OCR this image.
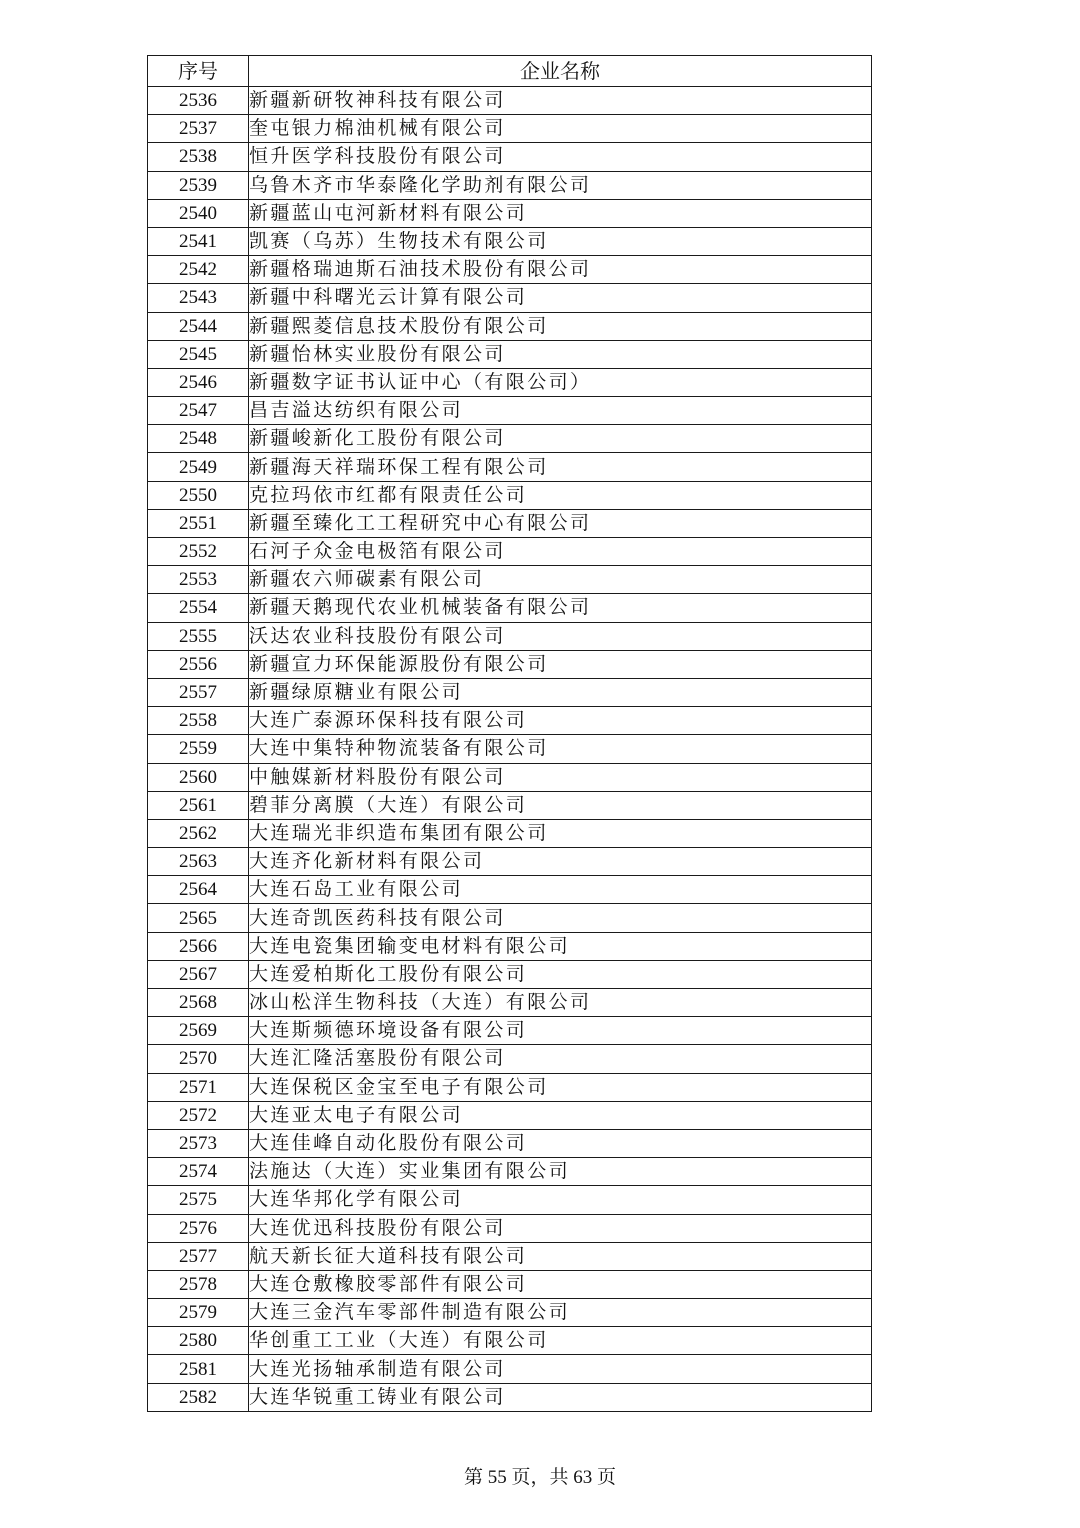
序号	企业名称
2536	新疆新研牧神科技有限公司
2537	奎屯银力棉油机械有限公司
2538	恒升医学科技股份有限公司
2539	乌鲁木齐市华泰隆化学助剂有限公司
2540	新疆蓝山屯河新材料有限公司
2541	凯赛（乌苏）生物技术有限公司
2542	新疆格瑞迪斯石油技术股份有限公司
2543	新疆中科曙光云计算有限公司
2544	新疆熙菱信息技术股份有限公司
2545	新疆怡林实业股份有限公司
2546	新疆数字证书认证中心（有限公司）
2547	昌吉溢达纺织有限公司
2548	新疆峻新化工股份有限公司
2549	新疆海天祥瑞环保工程有限公司
2550	克拉玛依市红都有限责任公司
2551	新疆至臻化工工程研究中心有限公司
2552	石河子众金电极箔有限公司
2553	新疆农六师碳素有限公司
2554	新疆天鹅现代农业机械装备有限公司
2555	沃达农业科技股份有限公司
2556	新疆宣力环保能源股份有限公司
2557	新疆绿原糖业有限公司
2558	大连广泰源环保科技有限公司
2559	大连中集特种物流装备有限公司
2560	中触媒新材料股份有限公司
2561	碧菲分离膜（大连）有限公司
2562	大连瑞光非织造布集团有限公司
2563	大连齐化新材料有限公司
2564	大连石岛工业有限公司
2565	大连奇凯医药科技有限公司
2566	大连电瓷集团输变电材料有限公司
2567	大连爱柏斯化工股份有限公司
2568	冰山松洋生物科技（大连）有限公司
2569	大连斯频德环境设备有限公司
2570	大连汇隆活塞股份有限公司
2571	大连保税区金宝至电子有限公司
2572	大连亚太电子有限公司
2573	大连佳峰自动化股份有限公司
2574	法施达（大连）实业集团有限公司
2575	大连华邦化学有限公司
2576	大连优迅科技股份有限公司
2577	航天新长征大道科技有限公司
2578	大连仓敷橡胶零部件有限公司
2579	大连三金汽车零部件制造有限公司
2580	华创重工工业（大连）有限公司
2581	大连光扬轴承制造有限公司
2582	大连华锐重工铸业有限公司
第 55 页，共 63 页
